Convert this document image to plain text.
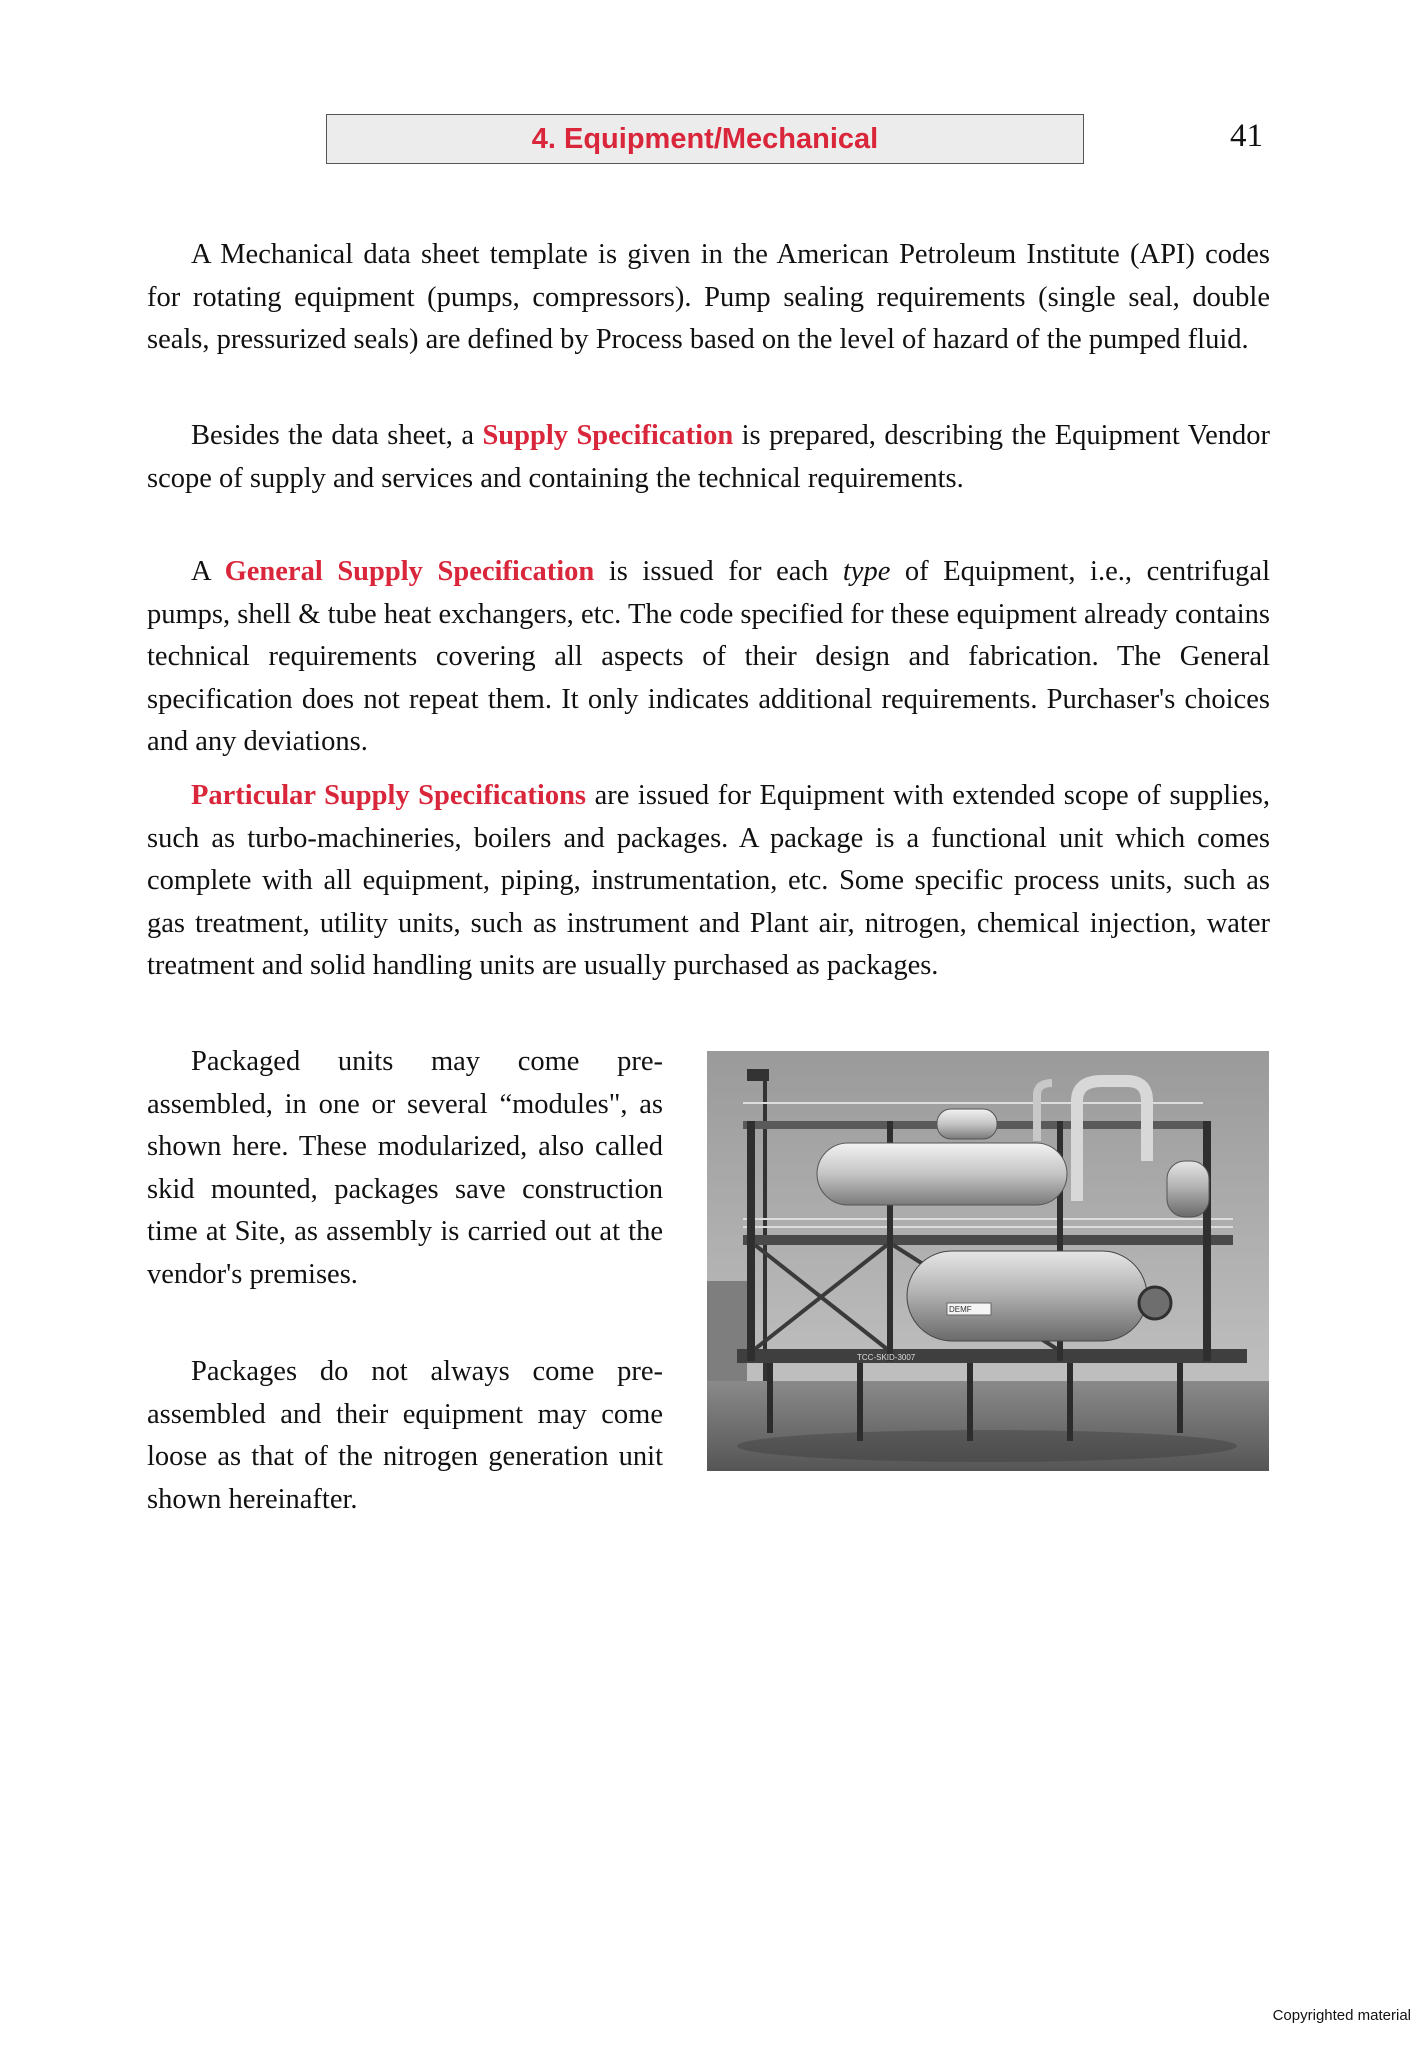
4. Equipment/Mechanical	41

A Mechanical data sheet template is given in the American Petroleum Institute (API) codes for rotating equipment (pumps, compressors). Pump sealing requirements (single seal, double seals, pressurized seals) are defined by Process based on the level of hazard of the pumped fluid.

Besides the data sheet, a Supply Specification is prepared, describing the Equipment Vendor scope of supply and services and containing the technical requirements.

A General Supply Specification is issued for each type of Equipment, i.e., centrifugal pumps, shell & tube heat exchangers, etc. The code specified for these equipment already contains technical requirements covering all aspects of their design and fabrication. The General specification does not repeat them. It only indicates additional requirements. Purchaser's choices and any deviations.

Particular Supply Specifications are issued for Equipment with extended scope of supplies, such as turbo-machineries, boilers and packages. A package is a functional unit which comes complete with all equipment, piping, instrumentation, etc. Some specific process units, such as gas treatment, utility units, such as instrument and Plant air, nitrogen, chemical injection, water treatment and solid handling units are usually purchased as packages.

Packaged units may come pre-assembled, in one or several “modules", as shown here. These modularized, also called skid mounted, packages save construction time at Site, as assembly is carried out at the vendor's premises.

Packages do not always come pre-assembled and their equipment may come loose as that of the nitrogen generation unit shown hereinafter.

DEMF
TCC-SKID-3007
Copyrighted material
